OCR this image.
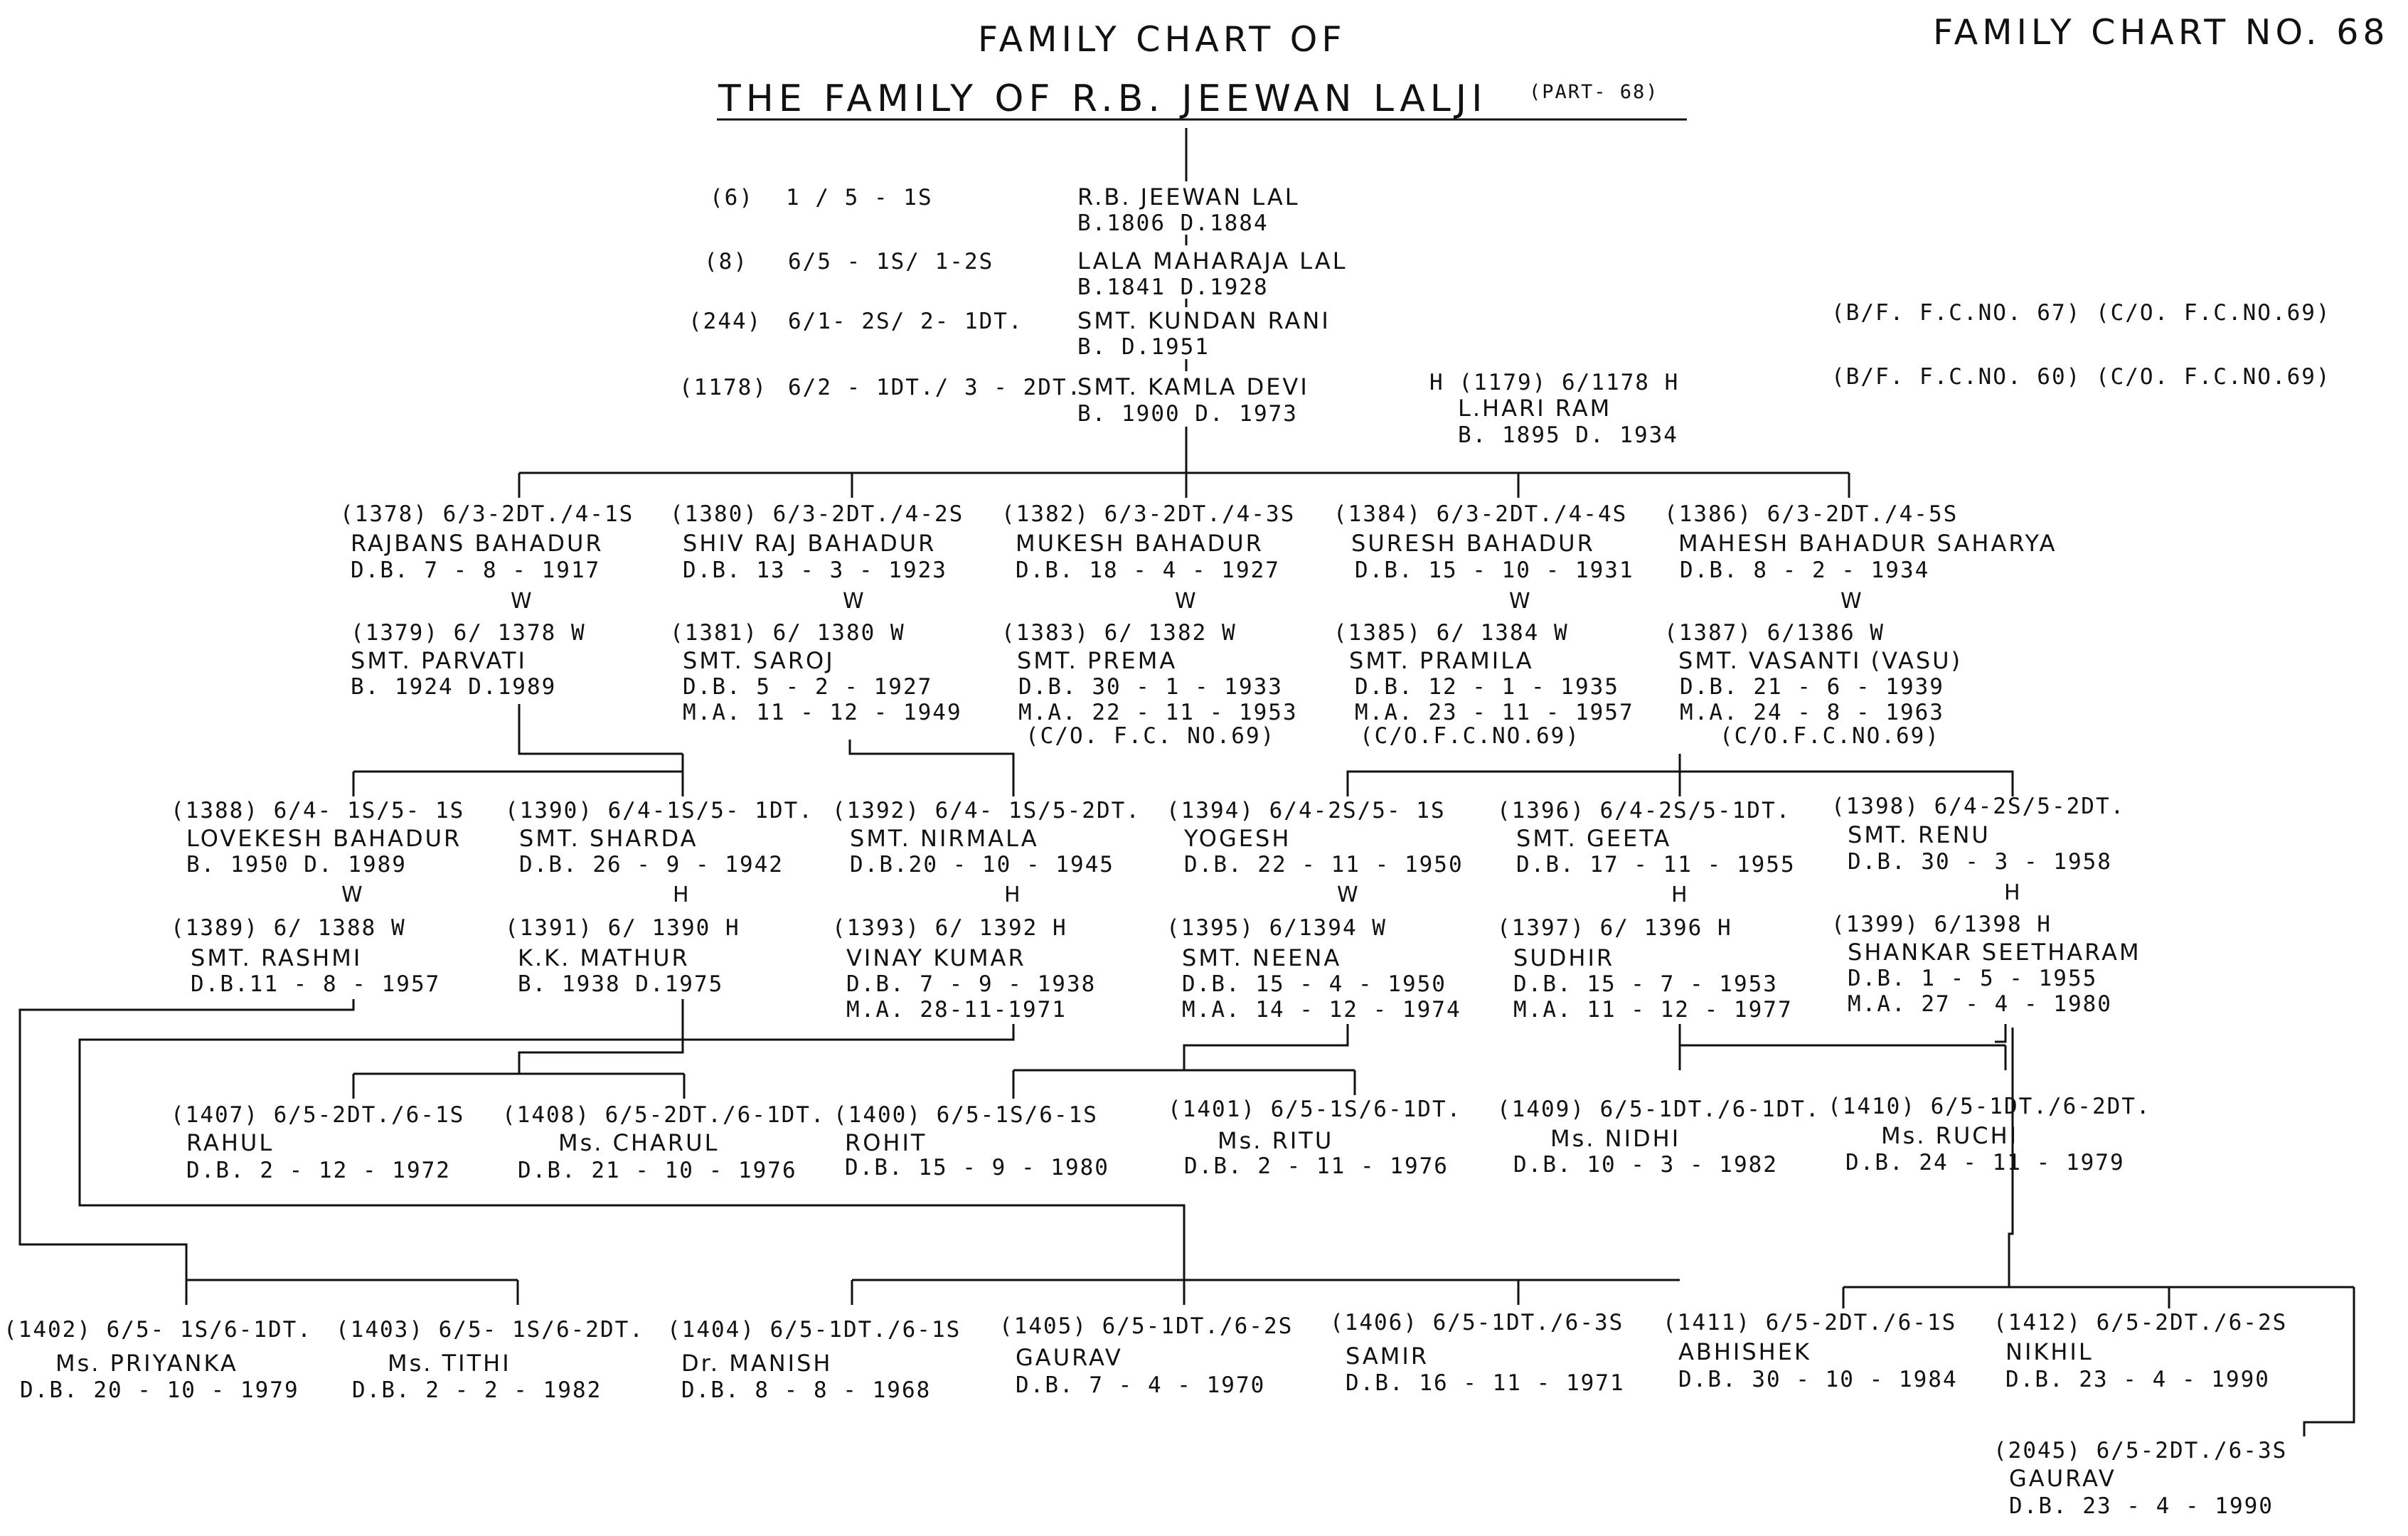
FAMILY CHART OF
THE FAMILY OF R.B. JEEWAN LALJI (PART- 68)
FAMILY CHART NO. 68
(6) 1 / 5 - 1S	R.B. JEEWAN LAL
B.1806 D.1884
(8) 6/5 - 1S/ 1-2S	LALA MAHARAJA LAL
B.1841 D.1928
(244) 6/1- 2S/ 2- 1DT. SMT. KUNDAN RANI
B. D.1951
(1178) 6/2 - 1DT./ 3 - 2DT.
SMT. KAMLA DEVI
B. 1900 D. 1973
H (1179) 6/1178 H
L.HARI RAM
B. 1895 D. 1934
(B/F. F.C.NO. 67) (C/O. F.C.NO.69)
(B/F. F.C.NO. 60) (C/O. F.C.NO.69)
(1378) 6/3-2DT./4-1S
RAJBANS BAHADUR
D.B. 7 - 8 - 1917
W
(1379) 6/ 1378 W
SMT. PARVATI
B. 1924 D.1989
(1380) 6/3-2DT./4-2S
SHIV RAJ BAHADUR
D.B. 13 - 3 - 1923
W
(1381) 6/ 1380 W
SMT. SAROJ
D.B. 5 - 2 - 1927
M.A. 11 - 12 - 1949
(1382) 6/3-2DT./4-3S
MUKESH BAHADUR
D.B. 18 - 4 - 1927
W
(1383) 6/ 1382 W
SMT. PREMA
D.B. 30 - 1 - 1933
M.A. 22 - 11 - 1953
(C/O. F.C. NO.69)
(1384) 6/3-2DT./4-4S
SURESH BAHADUR
D.B. 15 - 10 - 1931
W
(1385) 6/ 1384 W
SMT. PRAMILA
D.B. 12 - 1 - 1935
M.A. 23 - 11 - 1957
(C/O.F.C.NO.69)
(1386) 6/3-2DT./4-5S
MAHESH BAHADUR SAHARYA
D.B. 8 - 2 - 1934
W
(1387) 6/1386 W
SMT. VASANTI (VASU)
D.B. 21 - 6 - 1939
M.A. 24 - 8 - 1963
(C/O.F.C.NO.69)
(1388) 6/4- 1S/5- 1S
LOVEKESH BAHADUR
B. 1950 D. 1989
W
(1389) 6/ 1388 W
SMT. RASHMI
D.B.11 - 8 - 1957
(1390) 6/4-1S/5- 1DT.
SMT. SHARDA
D.B. 26 - 9 - 1942
H
(1391) 6/ 1390 H
K.K. MATHUR
B. 1938 D.1975
(1392) 6/4- 1S/5-2DT.
SMT. NIRMALA
D.B.20 - 10 - 1945
H
(1393) 6/ 1392 H
VINAY KUMAR
D.B. 7 - 9 - 1938
M.A. 28-11-1971
(1394) 6/4-2S/5- 1S
YOGESH
D.B. 22 - 11 - 1950
W
(1395) 6/1394 W
SMT. NEENA
D.B. 15 - 4 - 1950
M.A. 14 - 12 - 1974
(1396) 6/4-2S/5-1DT.
SMT. GEETA
D.B. 17 - 11 - 1955
H
(1397) 6/ 1396 H
SUDHIR
D.B. 15 - 7 - 1953
M.A. 11 - 12 - 1977
(1398) 6/4-2S/5-2DT.
SMT. RENU
D.B. 30 - 3 - 1958
H
(1399) 6/1398 H
SHANKAR SEETHARAM
D.B. 1 - 5 - 1955
M.A. 27 - 4 - 1980
(1407) 6/5-2DT./6-1S
RAHUL
D.B. 2 - 12 - 1972
(1408) 6/5-2DT./6-1DT.
Ms. CHARUL
D.B. 21 - 10 - 1976
(1400) 6/5-1S/6-1S
ROHIT
D.B. 15 - 9 - 1980
(1401) 6/5-1S/6-1DT.
Ms. RITU
D.B. 2 - 11 - 1976
(1409) 6/5-1DT./6-1DT.
Ms. NIDHI
D.B. 10 - 3 - 1982
(1410) 6/5-1DT./6-2DT.
Ms. RUCHI
D.B. 24 - 11 - 1979
(1402) 6/5- 1S/6-1DT.
Ms. PRIYANKA
D.B. 20 - 10 - 1979
(1403) 6/5- 1S/6-2DT.
Ms. TITHI
D.B. 2 - 2 - 1982
(1404) 6/5-1DT./6-1S
Dr. MANISH
D.B. 8 - 8 - 1968
(1405) 6/5-1DT./6-2S
GAURAV
D.B. 7 - 4 - 1970
(1406) 6/5-1DT./6-3S
SAMIR
D.B. 16 - 11 - 1971
(1411) 6/5-2DT./6-1S
ABHISHEK
D.B. 30 - 10 - 1984
(1412) 6/5-2DT./6-2S
NIKHIL
D.B. 23 - 4 - 1990
(2045) 6/5-2DT./6-3S
GAURAV
D.B. 23 - 4 - 1990
